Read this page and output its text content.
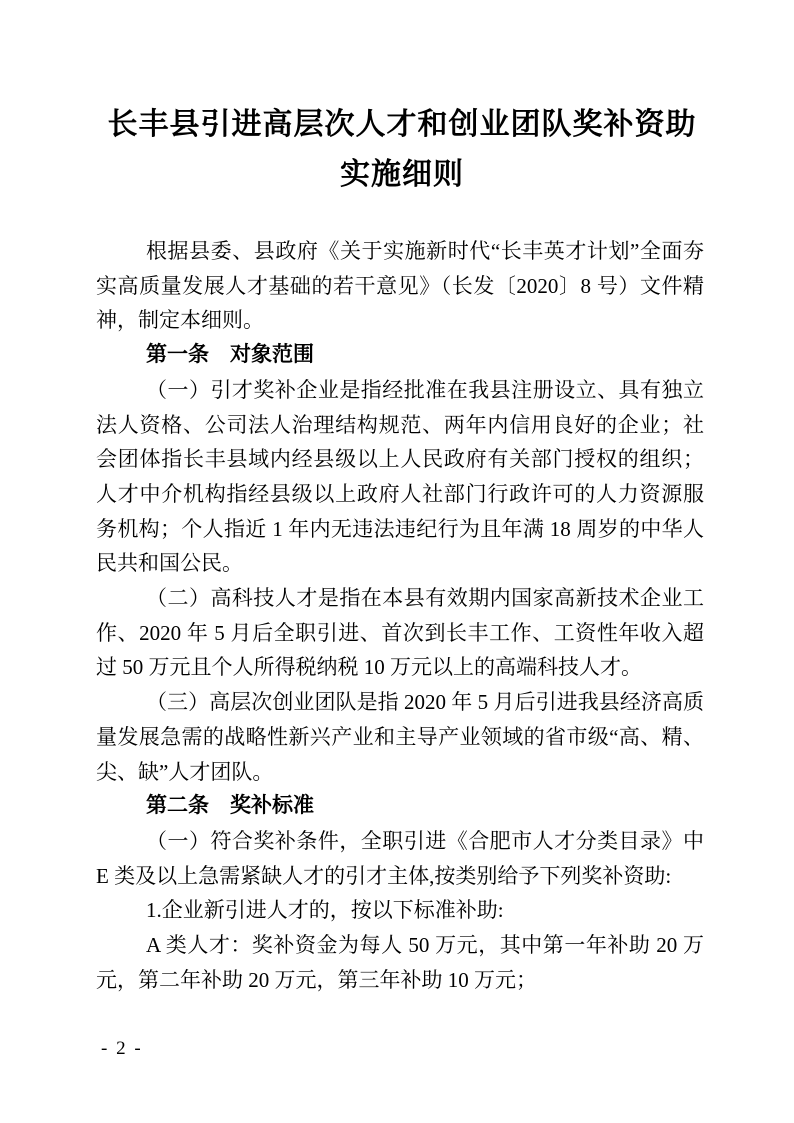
长丰县引进高层次人才和创业团队奖补资助
实施细则

根据县委、县政府《关于实施新时代“长丰英才计划”全面夯实高质量发展人才基础的若干意见》（长发〔2020〕8 号）文件精神，制定本细则。

第一条　对象范围

（一）引才奖补企业是指经批准在我县注册设立、具有独立法人资格、公司法人治理结构规范、两年内信用良好的企业；社会团体指长丰县域内经县级以上人民政府有关部门授权的组织；人才中介机构指经县级以上政府人社部门行政许可的人力资源服务机构；个人指近 1 年内无违法违纪行为且年满 18 周岁的中华人民共和国公民。

（二）高科技人才是指在本县有效期内国家高新技术企业工作、2020 年 5 月后全职引进、首次到长丰工作、工资性年收入超过 50 万元且个人所得税纳税 10 万元以上的高端科技人才。

（三）高层次创业团队是指 2020 年 5 月后引进我县经济高质量发展急需的战略性新兴产业和主导产业领域的省市级“高、精、尖、缺”人才团队。

第二条　奖补标准

（一）符合奖补条件，全职引进《合肥市人才分类目录》中E 类及以上急需紧缺人才的引才主体,按类别给予下列奖补资助:

1.企业新引进人才的，按以下标准补助:

A 类人才：奖补资金为每人 50 万元，其中第一年补助 20 万元，第二年补助 20 万元，第三年补助 10 万元；

- 2 -
